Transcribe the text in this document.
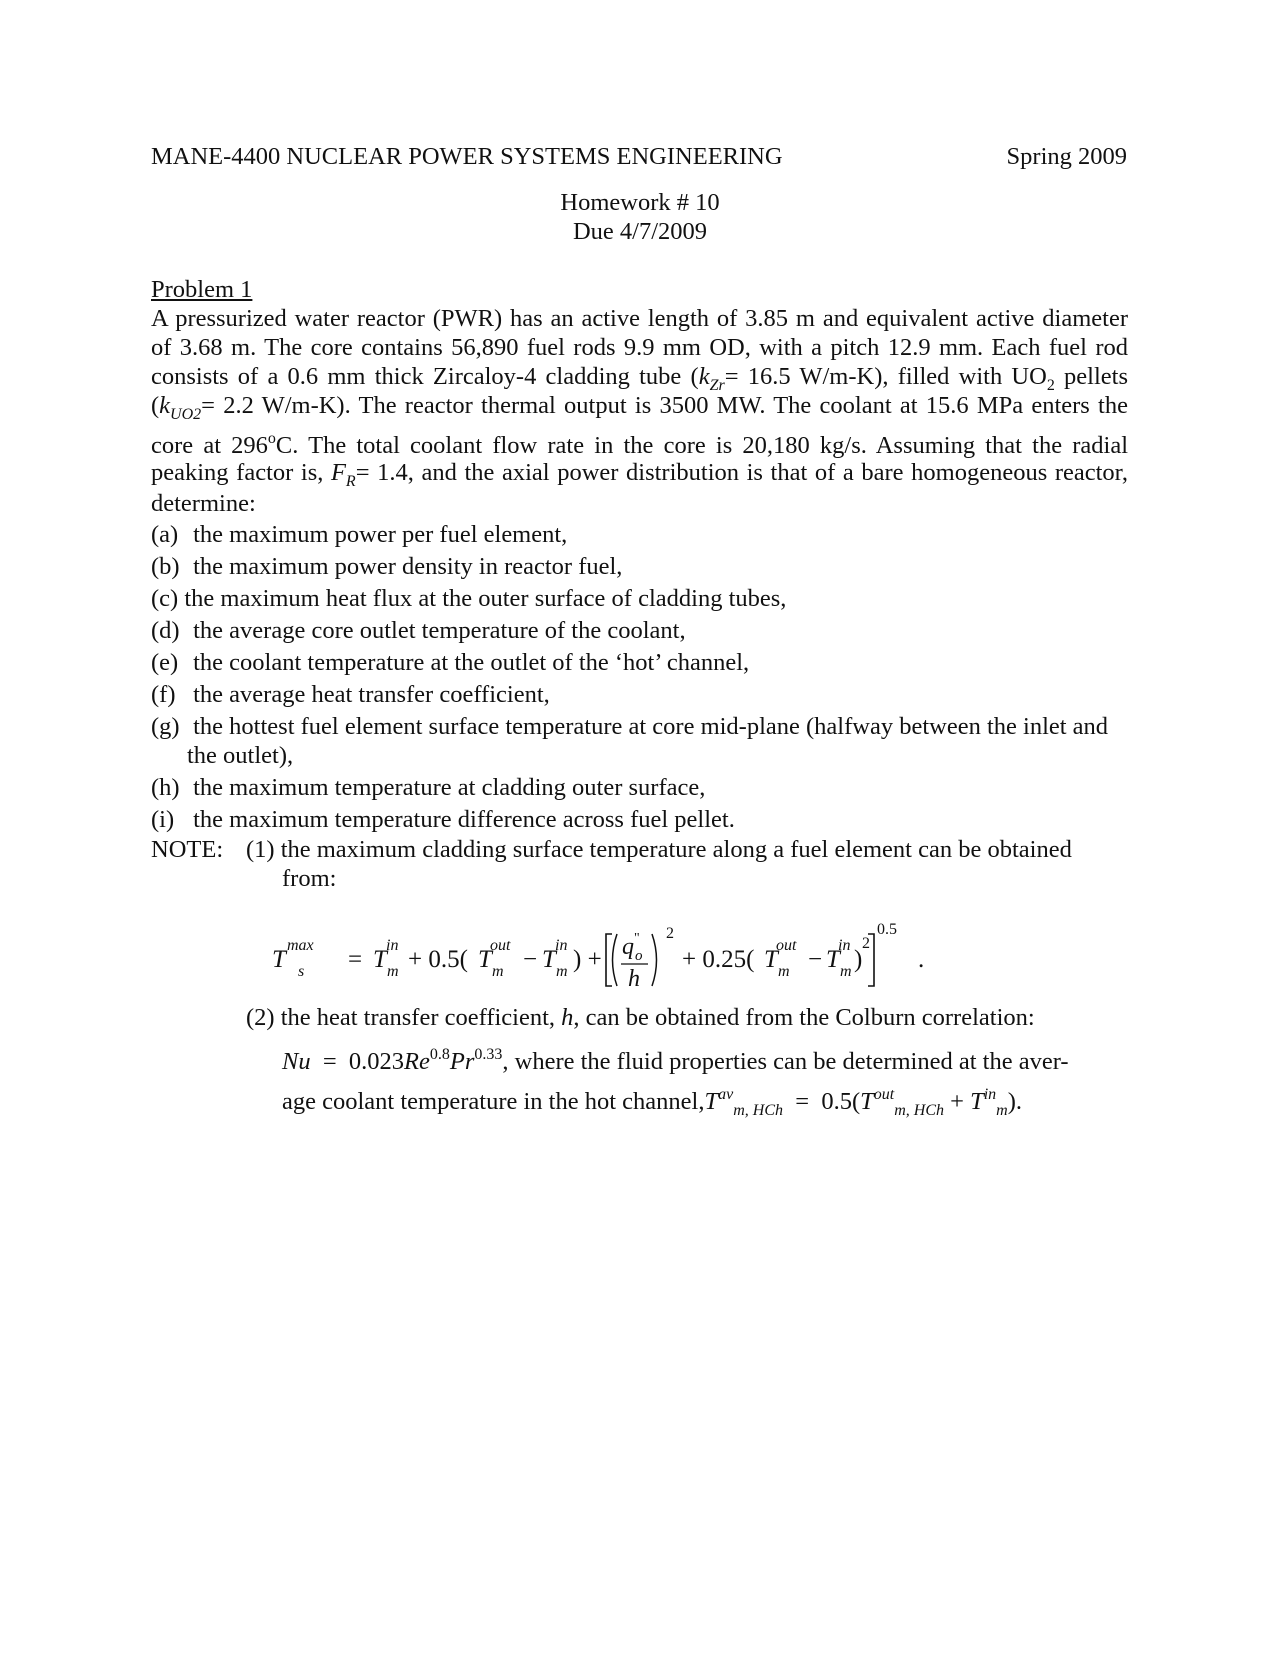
MANE-4400 NUCLEAR POWER SYSTEMS ENGINEERING	Spring 2009
Homework # 10
Due 4/7/2009
Problem 1
A pressurized water reactor (PWR) has an active length of 3.85 m and equivalent active diameter
of 3.68 m. The core contains 56,890 fuel rods 9.9 mm OD, with a pitch 12.9 mm. Each fuel rod
consists of a 0.6 mm thick Zircaloy-4 cladding tube ($k_{Zr}= 16.5$ W/m-K), filled with $UO_2$ pellets
($k_{UO2}= 2.2$ W/m-K). The reactor thermal output is 3500 MW. The coolant at 15.6 MPa enters the
core at 296$^o$C. The total coolant flow rate in the core is 20,180 kg/s. Assuming that the radial
peaking factor is, $F_R= 1.4$, and the axial power distribution is that of a bare homogeneous reactor,
determine:
(a) the maximum power per fuel element,
(b) the maximum power density in reactor fuel,
(c) the maximum heat flux at the outer surface of cladding tubes,
(d) the average core outlet temperature of the coolant,
(e) the coolant temperature at the outlet of the ‘hot’ channel,
(f) the average heat transfer coefficient,
(g) the hottest fuel element surface temperature at core mid-plane (halfway between the inlet and
the outlet),
(h) the maximum temperature at cladding outer surface,
(i) the maximum temperature difference across fuel pellet.
NOTE: (1) the maximum cladding surface temperature along a fuel element can be obtained
from:
T
max
s = T
in
m + 0.5( T
out
m − T
in
m ) + q "
o
h
2
+ 0.25( T
out
m − T
in
m )
2
0.5
.
(2) the heat transfer coefficient, h, can be obtained from the Colburn correlation:
$Nu = 0.023Re^{0.8}Pr^{0.33}$, where the fluid properties can be determined at the aver-
age coolant temperature in the hot $channel,T^{av}_{m, HCh} = 0.5(T^{out}_{m, HCh} + T^{in}_m)$.
